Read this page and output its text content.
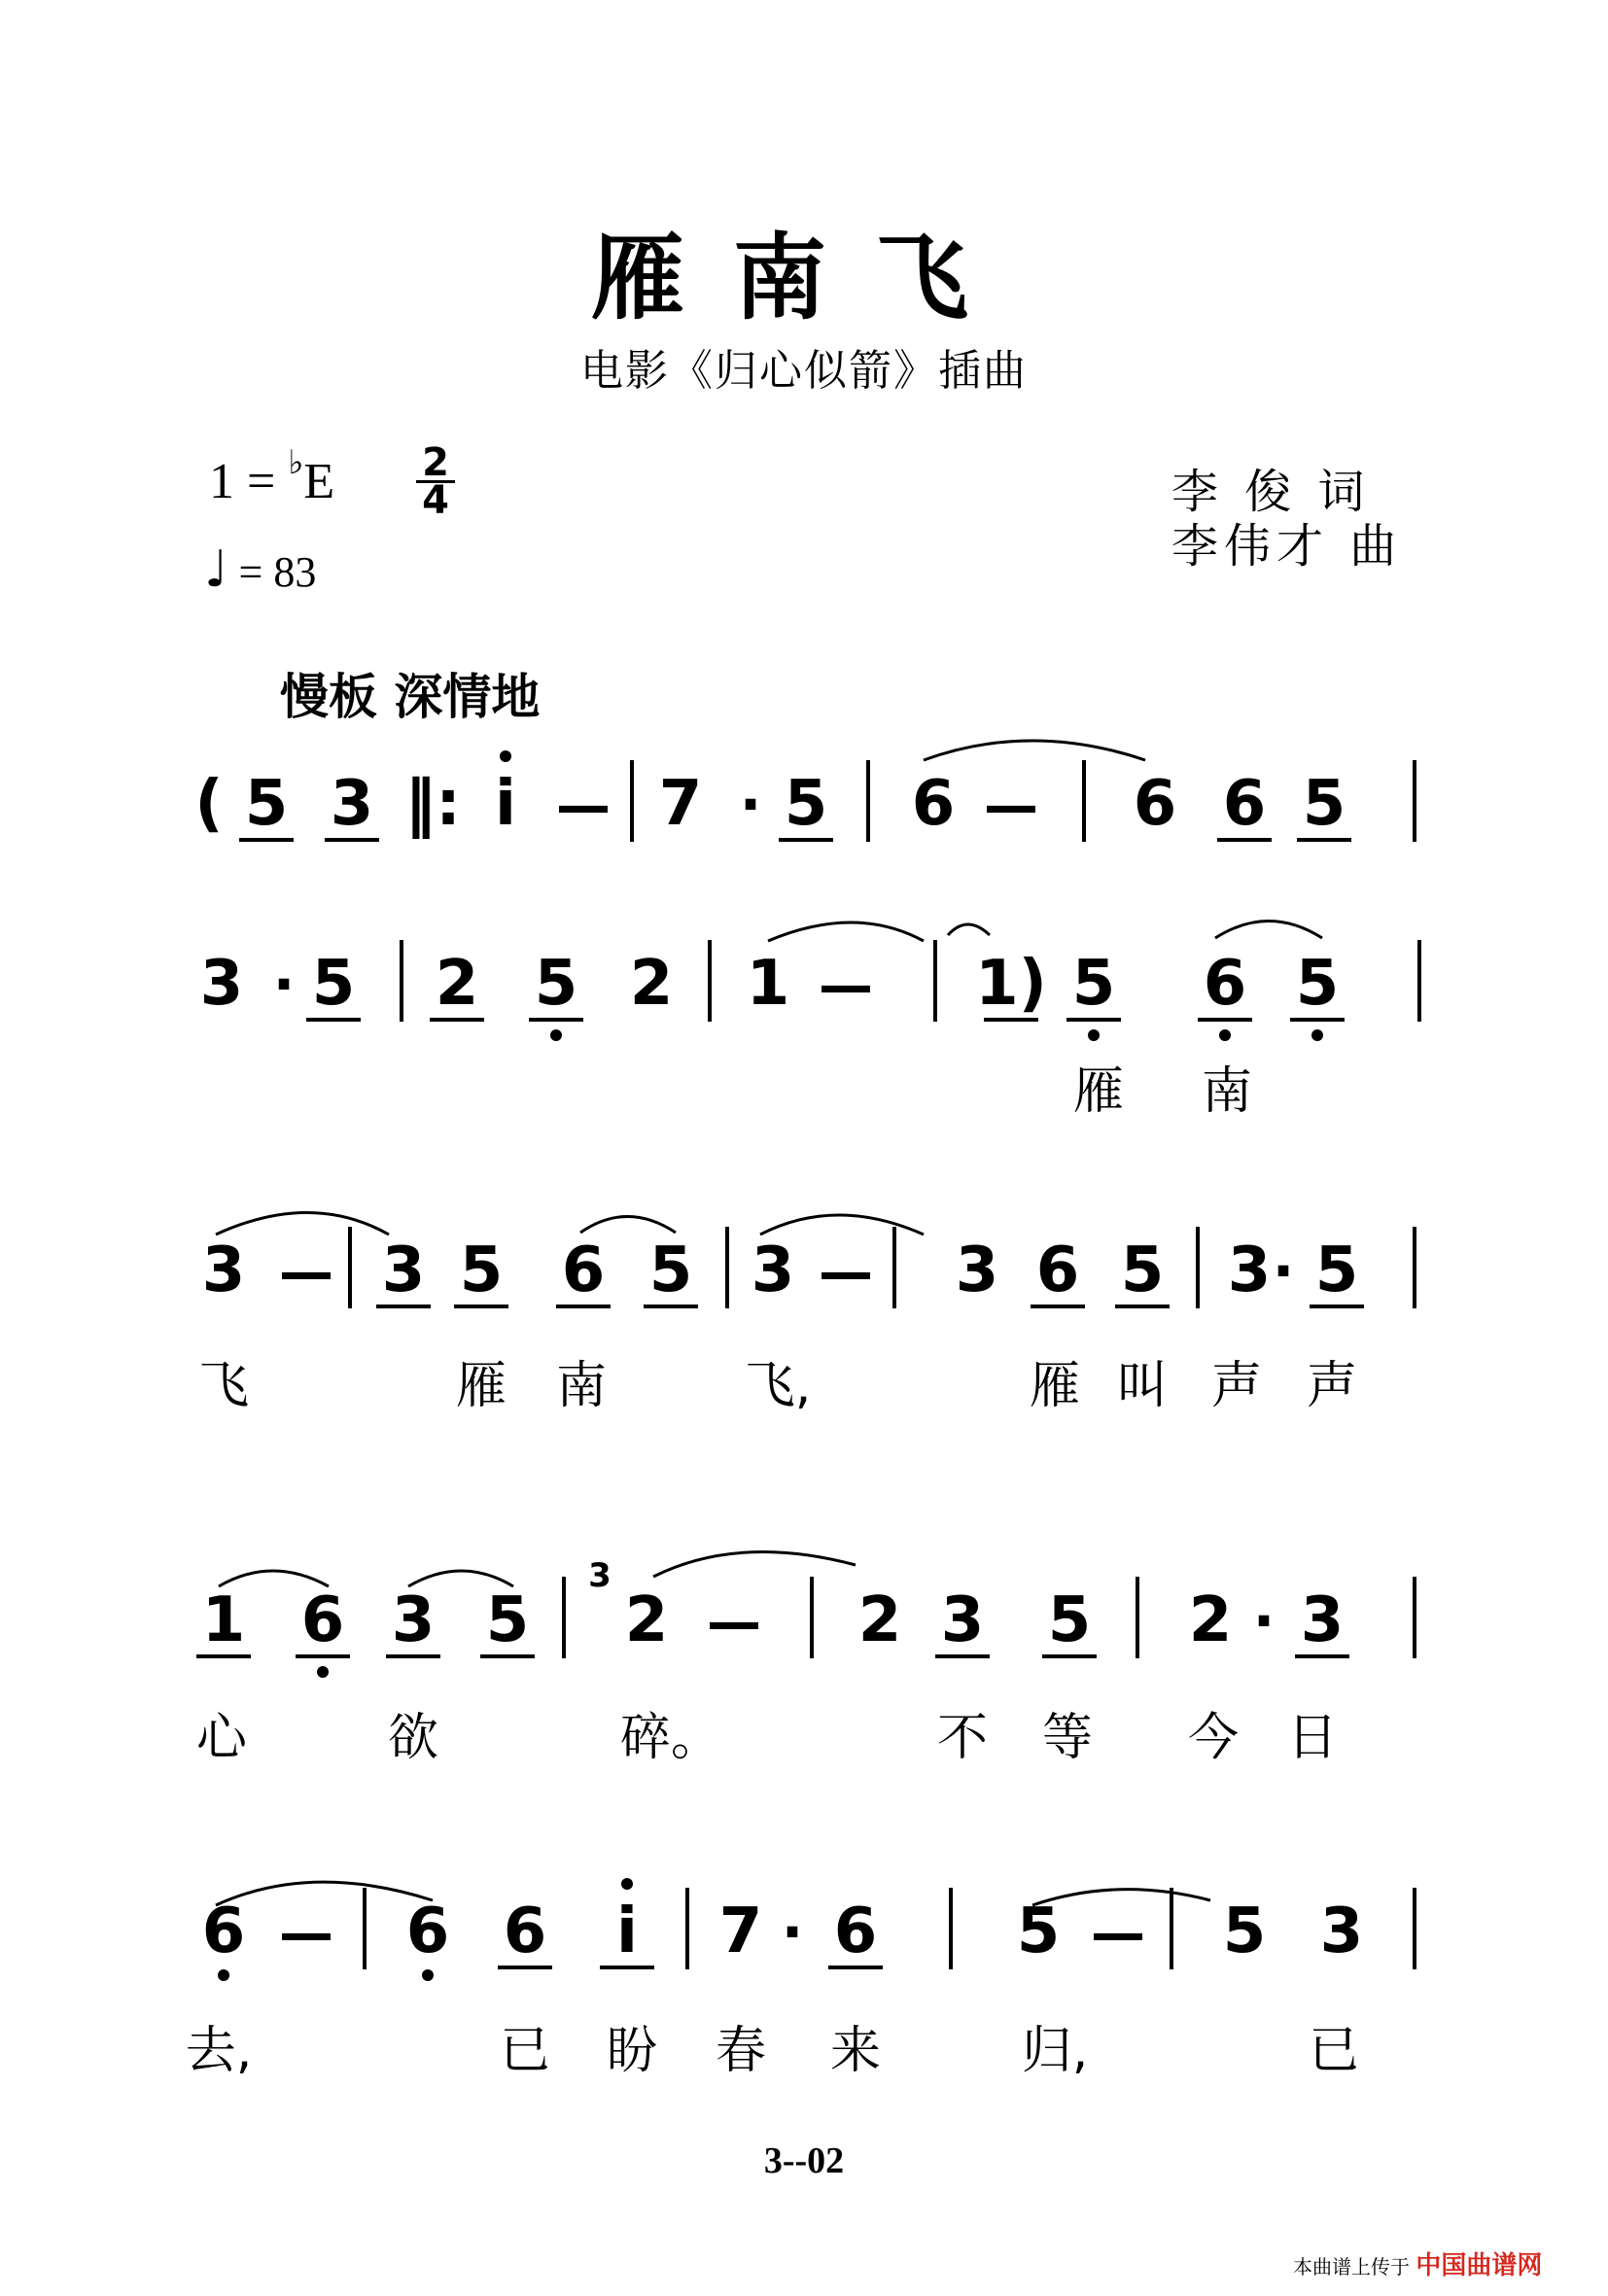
雁南飞
电影《归心似箭》插曲
1 = ♭E 2
4
♩ = 83
李 俊 词
李伟才 曲
慢板 深情地
( 5 3 ‖: i — 7 · 5 6 — 6 6 5
3 · 5 2 5 2 1 — 1) 5 6 5
雁 南
3 — 3 5 6 5 3 — 3 6 5 3 · 5
飞	雁 南	飞,	雁 叫 声 声
1 6 3 5 2
3
— 2 3 5 2 · 3
心	欲	碎。	不 等 今 日
6 — 6 6 i 7 · 6 5 — 5 3
去,	已 盼 春 来	归,	已
3--02
本曲谱上传于 中国曲谱网
